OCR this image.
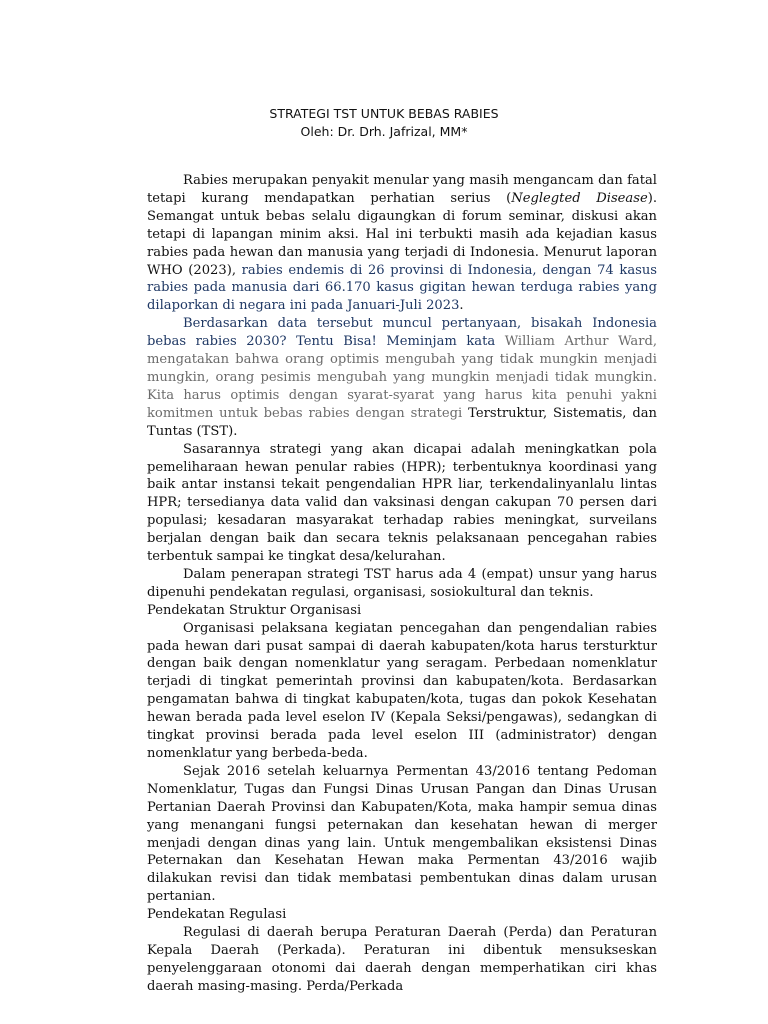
STRATEGI TST UNTUK BEBAS RABIES
Oleh: Dr. Drh. Jafrizal, MM*

Rabies merupakan penyakit menular yang masih mengancam dan fatal tetapi kurang mendapatkan perhatian serius (Neglegted Disease). Semangat untuk bebas selalu digaungkan di forum seminar, diskusi akan tetapi di lapangan minim aksi. Hal ini terbukti masih ada kejadian kasus rabies pada hewan dan manusia yang terjadi di Indonesia. Menurut laporan WHO (2023), rabies endemis di 26 provinsi di Indonesia, dengan 74 kasus rabies pada manusia dari 66.170 kasus gigitan hewan terduga rabies yang dilaporkan di negara ini pada Januari-Juli 2023.

Berdasarkan data tersebut muncul pertanyaan, bisakah Indonesia bebas rabies 2030? Tentu Bisa! Meminjam kata William Arthur Ward, mengatakan bahwa orang optimis mengubah yang tidak mungkin menjadi mungkin, orang pesimis mengubah yang mungkin menjadi tidak mungkin. Kita harus optimis dengan syarat-syarat yang harus kita penuhi yakni komitmen untuk bebas rabies dengan strategi Terstruktur, Sistematis, dan Tuntas (TST).

Sasarannya strategi yang akan dicapai adalah meningkatkan pola pemeliharaan hewan penular rabies (HPR); terbentuknya koordinasi yang baik antar instansi tekait pengendalian HPR liar, terkendalinyanlalu lintas HPR; tersedianya data valid dan vaksinasi dengan cakupan 70 persen dari populasi; kesadaran masyarakat terhadap rabies meningkat, surveilans berjalan dengan baik dan secara teknis pelaksanaan pencegahan rabies terbentuk sampai ke tingkat desa/kelurahan.

Dalam penerapan strategi TST harus ada 4 (empat) unsur yang harus dipenuhi pendekatan regulasi, organisasi, sosiokultural dan teknis.

Pendekatan Struktur Organisasi

Organisasi pelaksana kegiatan pencegahan dan pengendalian rabies pada hewan dari pusat sampai di daerah kabupaten/kota harus tersturktur dengan baik dengan nomenklatur yang seragam. Perbedaan nomenklatur terjadi di tingkat pemerintah provinsi dan kabupaten/kota. Berdasarkan pengamatan bahwa di tingkat kabupaten/kota, tugas dan pokok Kesehatan hewan berada pada level eselon IV (Kepala Seksi/pengawas), sedangkan di tingkat provinsi berada pada level eselon III (administrator) dengan nomenklatur yang berbeda-beda.

Sejak 2016 setelah keluarnya Permentan 43/2016 tentang Pedoman Nomenklatur, Tugas dan Fungsi Dinas Urusan Pangan dan Dinas Urusan Pertanian Daerah Provinsi dan Kabupaten/Kota, maka hampir semua dinas yang menangani fungsi peternakan dan kesehatan hewan di merger menjadi dengan dinas yang lain. Untuk mengembalikan eksistensi Dinas Peternakan dan Kesehatan Hewan maka Permentan 43/2016 wajib dilakukan revisi dan tidak membatasi pembentukan dinas dalam urusan pertanian.

Pendekatan Regulasi

Regulasi di daerah berupa Peraturan Daerah (Perda) dan Peraturan Kepala Daerah (Perkada). Peraturan ini dibentuk mensukseskan penyelenggaraan otonomi dai daerah dengan memperhatikan ciri khas daerah masing-masing. Perda/Perkada
